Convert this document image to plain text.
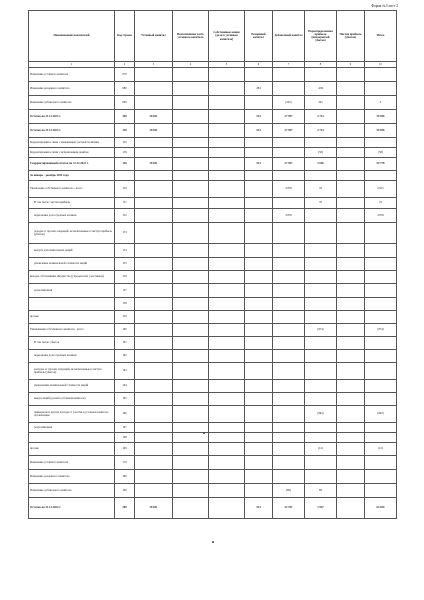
Форма №3 лист 2
Наименование показателей	Код строки	Уставный капитал	Неоплаченная часть уставного капитала	Собственные акции (доли в уставном капитале)	Резервный капитал	Добавочный капитал	Нераспределенная прибыль (непокрытый убыток)	Чистая прибыль (убыток)	Итого
1	2	3	4	5	6	7	8	9	10
Изменение уставного капитала	070								
Изменение резервного капитала	080				284		-284		
Изменение добавочного капитала	090					(205)	205		0
Остаток на 31.12.2023 г.	100	28 651			514	27 957	2 714		59 836
Остаток на 31.12.2023 г.	130	28 651			514	27 957	2 714		59 836
Корректировки в связи с изменением учетной политики	135								
Корректировки в связи с исправлением ошибок	139						(58)		(58)
Скорректированный остаток на 31.12.2023 г.	140	28 651			514	27 957	2 656		59 778
За январь - декабрь 2024 года									
Увеличение собственного капитала - всего	150					4 839	76		4 915
В том числе: чистая прибыль	151						76		76
переоценка долгосрочных активов	152					4 839			4 839
доходы от прочих операций, не включенные в чистую прибыль (убыток)	153								
выпуск дополнительных акций	154								
увеличение номинальной стоимости акций	155								
вклады собственника имущества (учредителей, участников)	156								
реорганизация	157								
	158								
прочие	159								
Уменьшение собственного капитала - всего	160						(874)		(874)
В том числе: убыток	161								
переоценка долгосрочных активов	162								
расходы от прочих операций, не включенные в чистую прибыль (убыток)	163								
уменьшение номинальной стоимости акций	164								
выкуп акций (долей в уставном капитале)	165								
дивиденды и другие доходы от участия в уставном капитале организации	166						(862)		(862)
реорганизация	167								
	168								
прочие	169						(12)		(12)
Изменение уставного капитала	170								
Изменение резервного капитала	180								
Изменение добавочного капитала	190					(89)	89		
Остаток на 31.12.2024 г.	200	28 651			514	32 707	1 947		63 819
